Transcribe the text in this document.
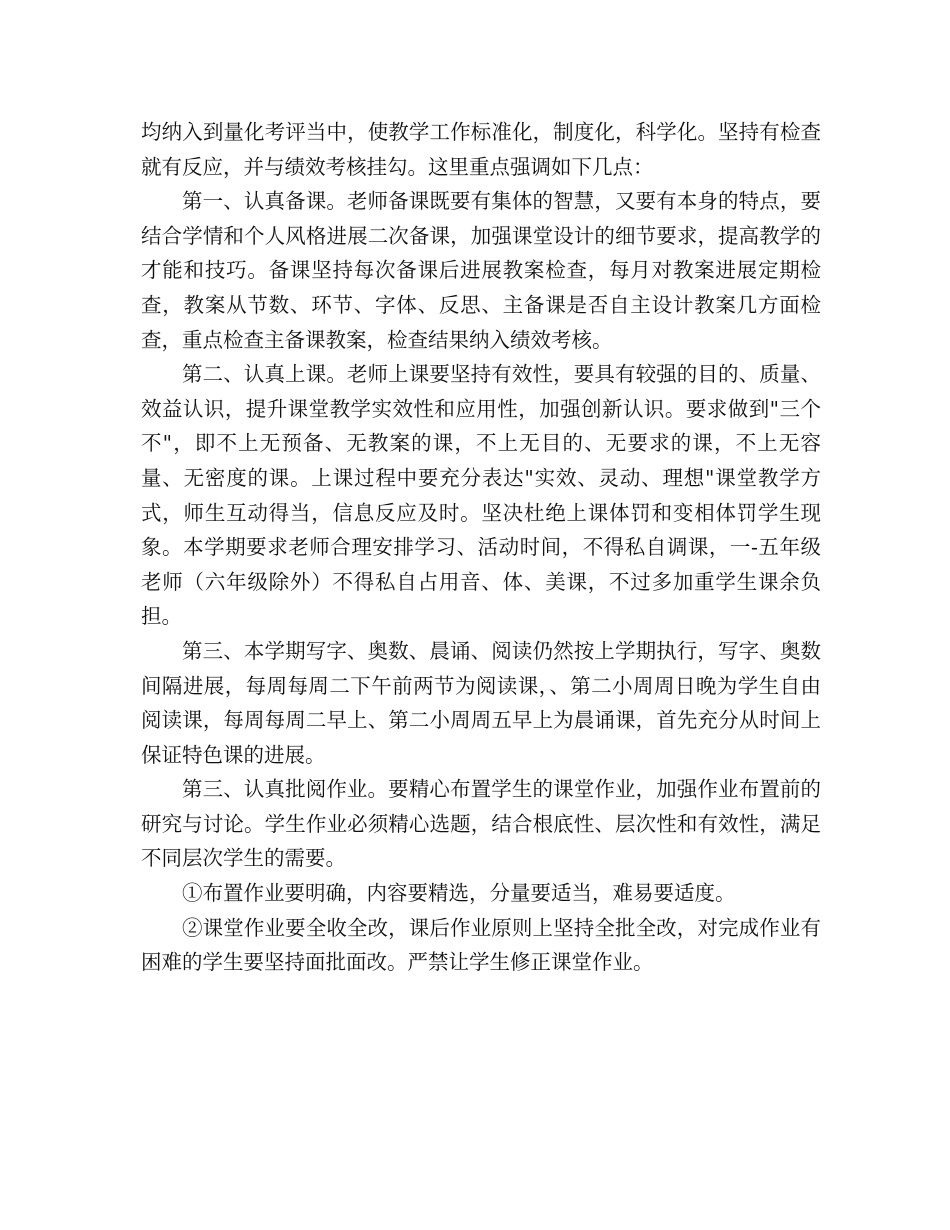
均纳入到量化考评当中，使教学工作标准化，制度化，科学化。坚持有检查就有反应，并与绩效考核挂勾。这里重点强调如下几点：

第一、认真备课。老师备课既要有集体的智慧，又要有本身的特点，要结合学情和个人风格进展二次备课，加强课堂设计的细节要求，提高教学的才能和技巧。备课坚持每次备课后进展教案检查，每月对教案进展定期检查，教案从节数、环节、字体、反思、主备课是否自主设计教案几方面检查，重点检查主备课教案，检查结果纳入绩效考核。

第二、认真上课。老师上课要坚持有效性，要具有较强的目的、质量、效益认识，提升课堂教学实效性和应用性，加强创新认识。要求做到"三个不"，即不上无预备、无教案的课，不上无目的、无要求的课，不上无容量、无密度的课。上课过程中要充分表达"实效、灵动、理想"课堂教学方式，师生互动得当，信息反应及时。坚决杜绝上课体罚和变相体罚学生现象。本学期要求老师合理安排学习、活动时间，不得私自调课，一-五年级老师（六年级除外）不得私自占用音、体、美课，不过多加重学生课余负担。

第三、本学期写字、奥数、晨诵、阅读仍然按上学期执行，写字、奥数间隔进展，每周每周二下午前两节为阅读课，、第二小周周日晚为学生自由阅读课，每周每周二早上、第二小周周五早上为晨诵课，首先充分从时间上保证特色课的进展。

第三、认真批阅作业。要精心布置学生的课堂作业，加强作业布置前的研究与讨论。学生作业必须精心选题，结合根底性、层次性和有效性，满足不同层次学生的需要。

①布置作业要明确，内容要精选，分量要适当，难易要适度。

②课堂作业要全收全改，课后作业原则上坚持全批全改，对完成作业有困难的学生要坚持面批面改。严禁让学生修正课堂作业。
